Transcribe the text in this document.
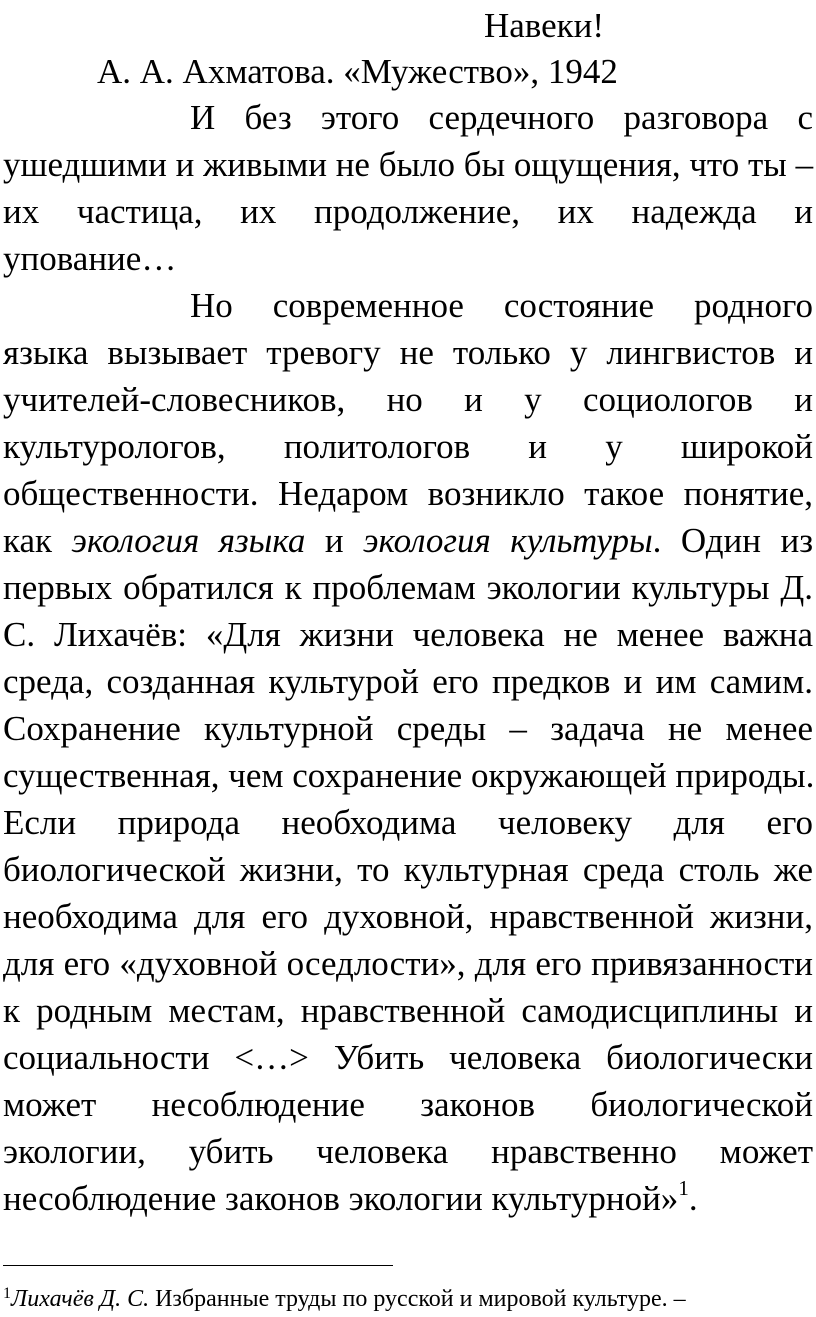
Навеки!
А. А. Ахматова. «Мужество», 1942
И без этого сердечного разговора с
ушедшими и живыми не было бы ощущения, что ты –
их частица, их продолжение, их надежда и
упование…
Но современное состояние родного
языка вызывает тревогу не только у лингвистов и
учителей-словесников, но и у социологов и
культурологов, политологов и у широкой
общественности. Недаром возникло такое понятие,
как экология языка и экология культуры. Один из
первых обратился к проблемам экологии культуры Д.
С. Лихачёв: «Для жизни человека не менее важна
среда, созданная культурой его предков и им самим.
Сохранение культурной среды – задача не менее
существенная, чем сохранение окружающей природы.
Если природа необходима человеку для его
биологической жизни, то культурная среда столь же
необходима для его духовной, нравственной жизни,
для его «духовной оседлости», для его привязанности
к родным местам, нравственной самодисциплины и
социальности <…> Убить человека биологически
может несоблюдение законов биологической
экологии, убить человека нравственно может
несоблюдение законов экологии культурной»$^1$.
$^1$Лихачёв Д. С. Избранные труды по русской и мировой культуре. –
